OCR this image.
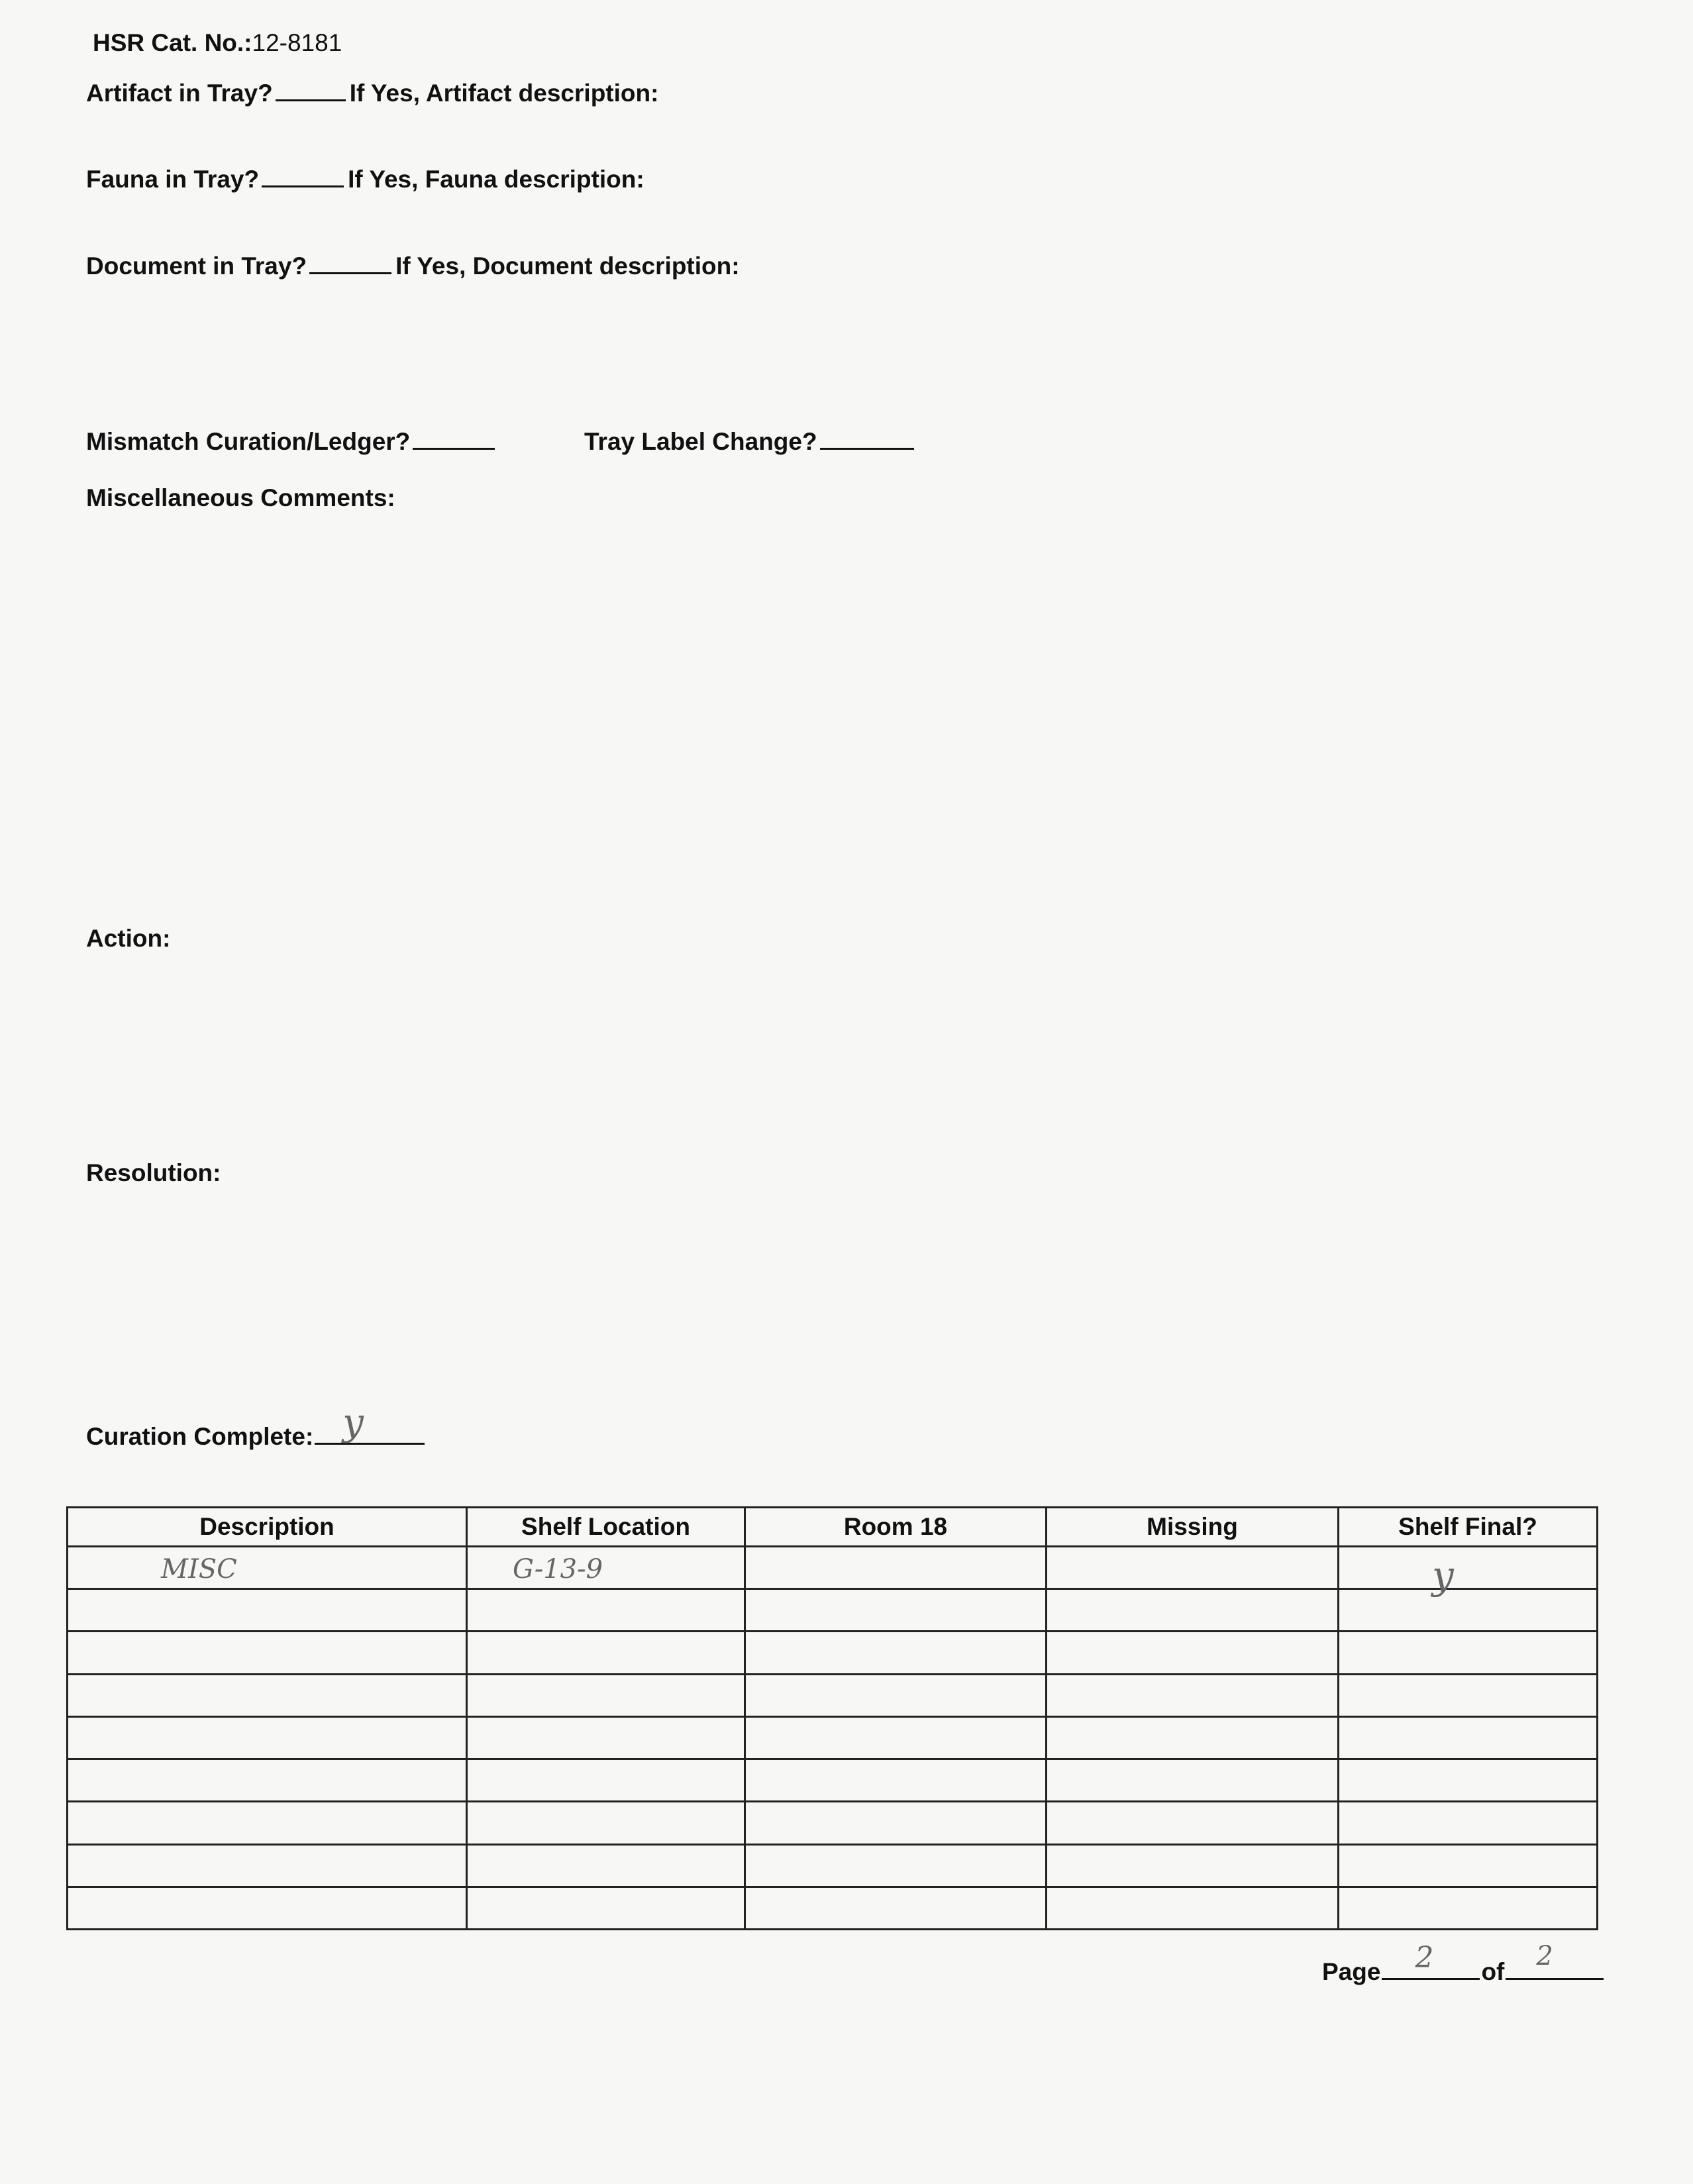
HSR Cat. No.:12-8181
Artifact in Tray?	If Yes, Artifact description:
Fauna in Tray?	If Yes, Fauna description:
Document in Tray?	If Yes, Document description:
Mismatch Curation/Ledger?	Tray Label Change?
Miscellaneous Comments:
Action:
Resolution:
Curation Complete: y
Description	Shelf Location	Room 18	Missing	Shelf Final?

MISC	G-13-9			y

Page 2 of
2
